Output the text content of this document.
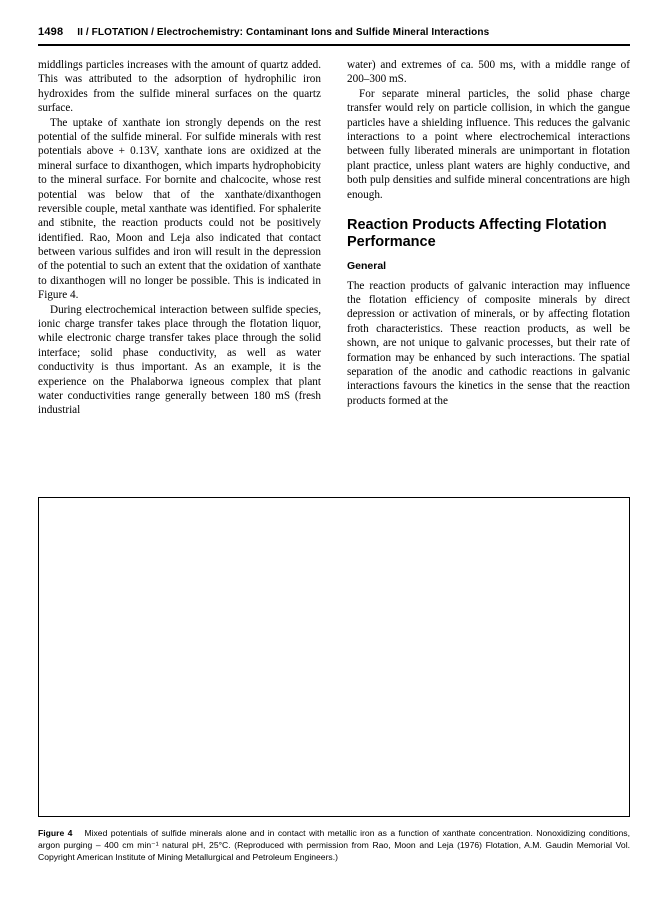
1498 II / FLOTATION / Electrochemistry: Contaminant Ions and Sulfide Mineral Interactions

middlings particles increases with the amount of quartz added. This was attributed to the adsorption of hydrophilic iron hydroxides from the sulfide mineral surfaces on the quartz surface.

The uptake of xanthate ion strongly depends on the rest potential of the sulfide mineral. For sulfide minerals with rest potentials above + 0.13V, xanthate ions are oxidized at the mineral surface to dixanthogen, which imparts hydrophobicity to the mineral surface. For bornite and chalcocite, whose rest potential was below that of the xanthate/dixanthogen reversible couple, metal xanthate was identified. For sphalerite and stibnite, the reaction products could not be positively identified. Rao, Moon and Leja also indicated that contact between various sulfides and iron will result in the depression of the potential to such an extent that the oxidation of xanthate to dixanthogen will no longer be possible. This is indicated in Figure 4.

During electrochemical interaction between sulfide species, ionic charge transfer takes place through the flotation liquor, while electronic charge transfer takes place through the solid interface; solid phase conductivity, as well as water conductivity is thus important. As an example, it is the experience on the Phalaborwa igneous complex that plant water conductivities range generally between 180 mS (fresh industrial

water) and extremes of ca. 500 ms, with a middle range of 200–300 mS.

For separate mineral particles, the solid phase charge transfer would rely on particle collision, in which the gangue particles have a shielding influence. This reduces the galvanic interactions to a point where electrochemical interactions between fully liberated minerals are unimportant in flotation plant practice, unless plant waters are highly conductive, and both pulp densities and sulfide mineral concentrations are high enough.

Reaction Products Affecting Flotation Performance
General

The reaction products of galvanic interaction may influence the flotation efficiency of composite minerals by direct depression or activation of minerals, or by affecting flotation froth characteristics. These reaction products, as well be shown, are not unique to galvanic processes, but their rate of formation may be enhanced by such interactions. The spatial separation of the anodic and cathodic reactions in galvanic interactions favours the kinetics in the sense that the reaction products formed at the

Figure 4  Mixed potentials of sulfide minerals alone and in contact with metallic iron as a function of xanthate concentration. Nonoxidizing conditions, argon purging – 400 cm min⁻¹ natural pH, 25°C. (Reproduced with permission from Rao, Moon and Leja (1976) Flotation, A.M. Gaudin Memorial Vol. Copyright American Institute of Mining Metallurgical and Petroleum Engineers.)
